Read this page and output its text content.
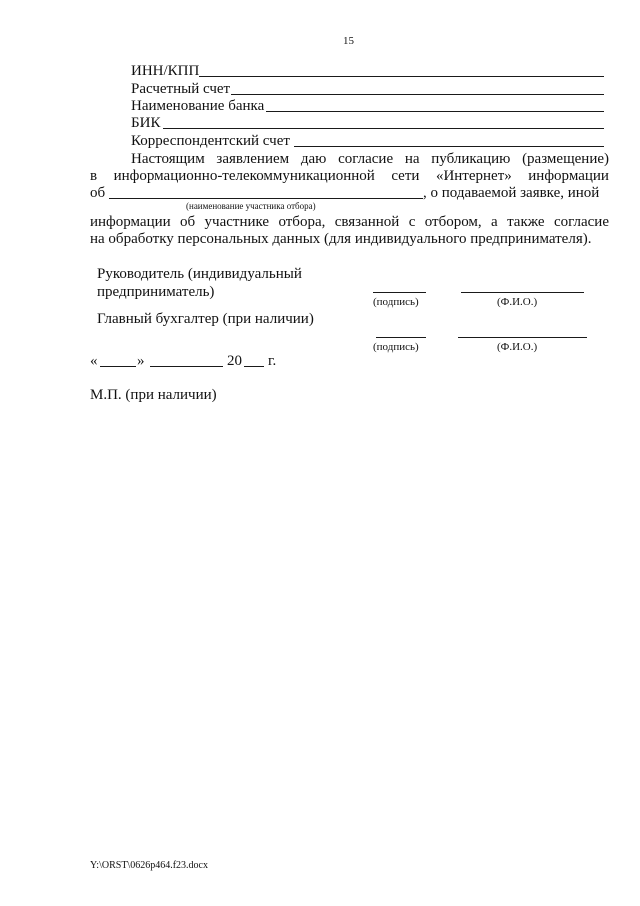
15
ИНН/КПП
Расчетный счет
Наименование банка
БИК
Корреспондентский счет
Настоящим заявлением даю согласие на публикацию (размещение)
в информационно-телекоммуникационной сети «Интернет» информации
об	, о подаваемой заявке, иной
(наименование участника отбора)
информации об участнике отбора, связанной с отбором, а также согласие
на обработку персональных данных (для индивидуального предпринимателя).
Руководитель (индивидуальный
предприниматель)
(подпись)	(Ф.И.О.)
Главный бухгалтер (при наличии)
(подпись)	(Ф.И.О.)
«	»	20 г.
М.П. (при наличии)
Y:\ORST\0626p464.f23.docx
